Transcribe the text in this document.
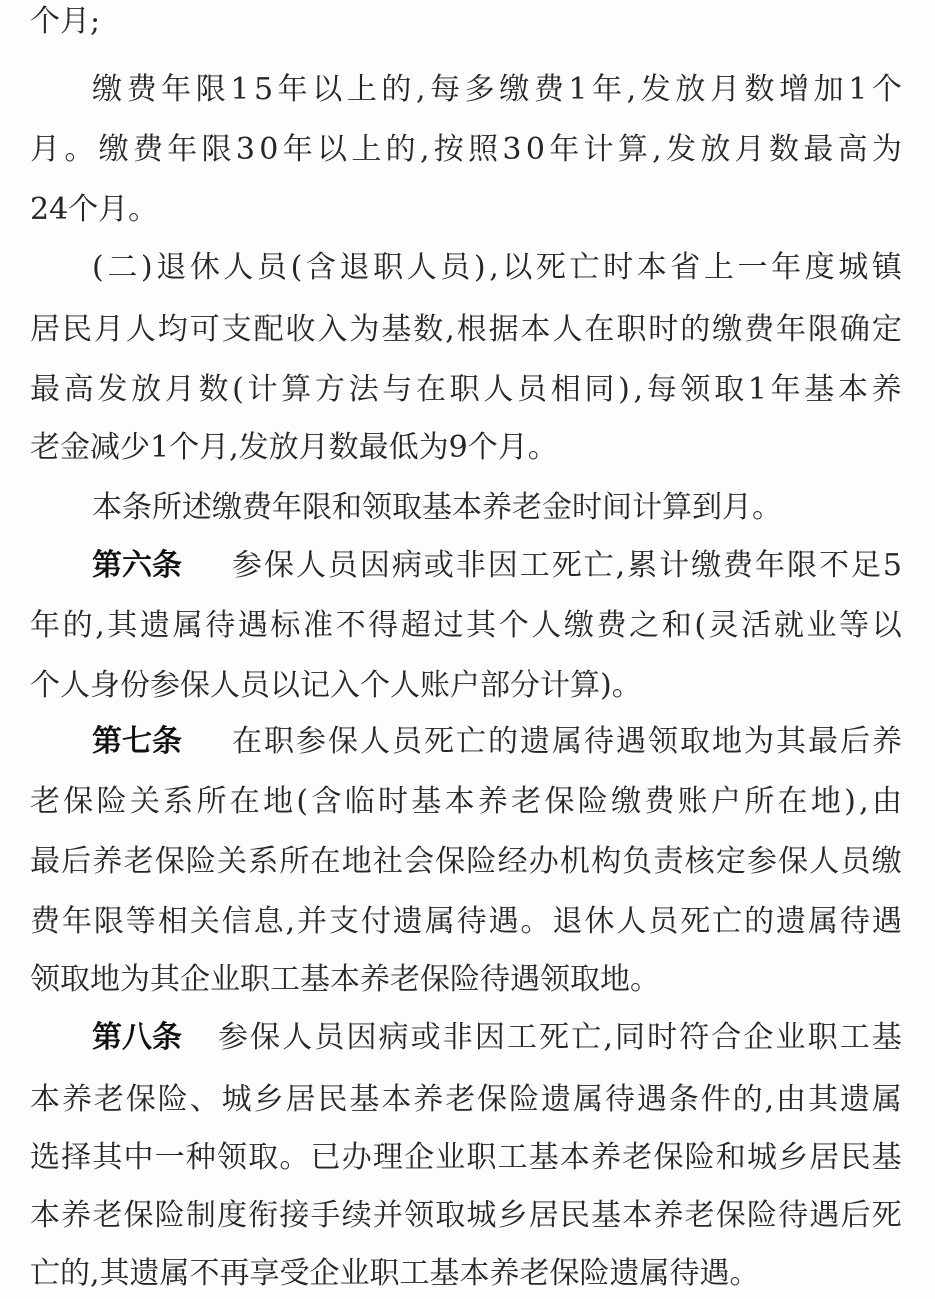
个月;
缴 费 年 限 1 5 年 以 上 的 , 每 多 缴 费 1 年 , 发 放 月 数 增 加 1 个
月 。 缴 费 年 限 3 0 年 以 上 的 , 按 照 3 0 年 计 算 , 发 放 月 数 最 高 为
24个月。
( 二 ) 退 休 人 员 ( 含 退 职 人 员 ) , 以 死 亡 时 本 省 上 一 年 度 城 镇
居 民 月 人 均 可 支 配 收 入 为 基 数 , 根 据 本 人 在 职 时 的 缴 费 年 限 确 定
最 高 发 放 月 数 ( 计 算 方 法 与 在 职 人 员 相 同 ) , 每 领 取 1 年 基 本 养
老金减少1个月,发放月数最低为9个月。
本条所述缴费年限和领取基本养老金时间计算到月。
第六条 参 保 人 员 因 病 或 非 因 工 死 亡 , 累 计 缴 费 年 限 不 足 5
年 的 , 其 遗 属 待 遇 标 准 不 得 超 过 其 个 人 缴 费 之 和 ( 灵 活 就 业 等 以
个人身份参保人员以记入个人账户部分计算)。
第七条 在 职 参 保 人 员 死 亡 的 遗 属 待 遇 领 取 地 为 其 最 后 养
老 保 险 关 系 所 在 地 ( 含 临 时 基 本 养 老 保 险 缴 费 账 户 所 在 地 ) , 由
最 后 养 老 保 险 关 系 所 在 地 社 会 保 险 经 办 机 构 负 责 核 定 参 保 人 员 缴
费 年 限 等 相 关 信 息 , 并 支 付 遗 属 待 遇 。 退 休 人 员 死 亡 的 遗 属 待 遇
领取地为其企业职工基本养老保险待遇领取地。
第八条 参 保 人 员 因 病 或 非 因 工 死 亡 , 同 时 符 合 企 业 职 工 基
本 养 老 保 险 、 城 乡 居 民 基 本 养 老 保 险 遗 属 待 遇 条 件 的 , 由 其 遗 属
选 择 其 中 一 种 领 取 。 已 办 理 企 业 职 工 基 本 养 老 保 险 和 城 乡 居 民 基
本 养 老 保 险 制 度 衔 接 手 续 并 领 取 城 乡 居 民 基 本 养 老 保 险 待 遇 后 死
亡的,其遗属不再享受企业职工基本养老保险遗属待遇。
